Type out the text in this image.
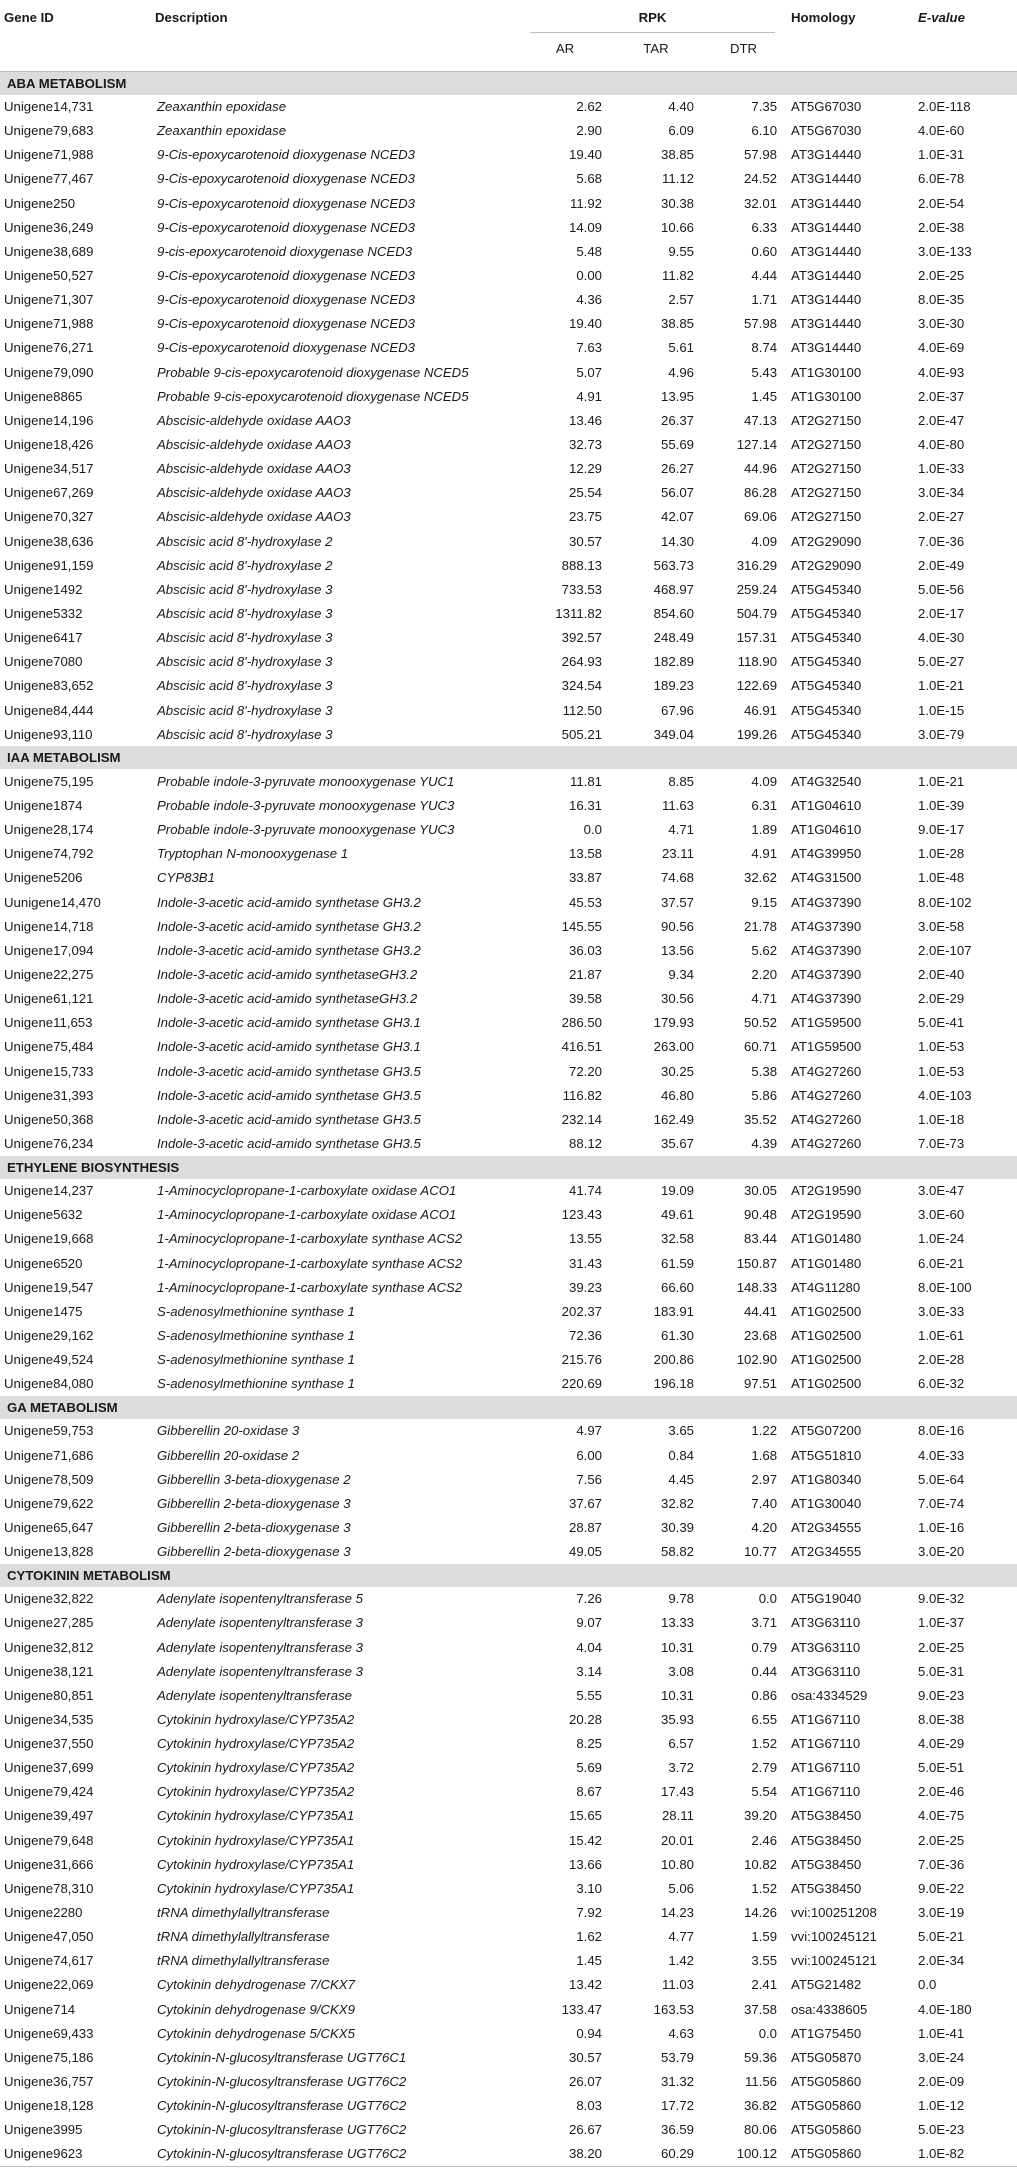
Gene ID	Description	RPK			Homology	E-value
		AR	TAR	DTR		
ABA METABOLISM						
Unigene14,731	Zeaxanthin epoxidase	2.62	4.40	7.35	AT5G67030	2.0E-118
Unigene79,683	Zeaxanthin epoxidase	2.90	6.09	6.10	AT5G67030	4.0E-60
Unigene71,988	9-Cis-epoxycarotenoid dioxygenase NCED3	19.40	38.85	57.98	AT3G14440	1.0E-31
Unigene77,467	9-Cis-epoxycarotenoid dioxygenase NCED3	5.68	11.12	24.52	AT3G14440	6.0E-78
Unigene250	9-Cis-epoxycarotenoid dioxygenase NCED3	11.92	30.38	32.01	AT3G14440	2.0E-54
Unigene36,249	9-Cis-epoxycarotenoid dioxygenase NCED3	14.09	10.66	6.33	AT3G14440	2.0E-38
Unigene38,689	9-cis-epoxycarotenoid dioxygenase NCED3	5.48	9.55	0.60	AT3G14440	3.0E-133
Unigene50,527	9-Cis-epoxycarotenoid dioxygenase NCED3	0.00	11.82	4.44	AT3G14440	2.0E-25
Unigene71,307	9-Cis-epoxycarotenoid dioxygenase NCED3	4.36	2.57	1.71	AT3G14440	8.0E-35
Unigene71,988	9-Cis-epoxycarotenoid dioxygenase NCED3	19.40	38.85	57.98	AT3G14440	3.0E-30
Unigene76,271	9-Cis-epoxycarotenoid dioxygenase NCED3	7.63	5.61	8.74	AT3G14440	4.0E-69
Unigene79,090	Probable 9-cis-epoxycarotenoid dioxygenase NCED5	5.07	4.96	5.43	AT1G30100	4.0E-93
Unigene8865	Probable 9-cis-epoxycarotenoid dioxygenase NCED5	4.91	13.95	1.45	AT1G30100	2.0E-37
Unigene14,196	Abscisic-aldehyde oxidase AAO3	13.46	26.37	47.13	AT2G27150	2.0E-47
Unigene18,426	Abscisic-aldehyde oxidase AAO3	32.73	55.69	127.14	AT2G27150	4.0E-80
Unigene34,517	Abscisic-aldehyde oxidase AAO3	12.29	26.27	44.96	AT2G27150	1.0E-33
Unigene67,269	Abscisic-aldehyde oxidase AAO3	25.54	56.07	86.28	AT2G27150	3.0E-34
Unigene70,327	Abscisic-aldehyde oxidase AAO3	23.75	42.07	69.06	AT2G27150	2.0E-27
Unigene38,636	Abscisic acid 8′-hydroxylase 2	30.57	14.30	4.09	AT2G29090	7.0E-36
Unigene91,159	Abscisic acid 8′-hydroxylase 2	888.13	563.73	316.29	AT2G29090	2.0E-49
Unigene1492	Abscisic acid 8′-hydroxylase 3	733.53	468.97	259.24	AT5G45340	5.0E-56
Unigene5332	Abscisic acid 8′-hydroxylase 3	1311.82	854.60	504.79	AT5G45340	2.0E-17
Unigene6417	Abscisic acid 8′-hydroxylase 3	392.57	248.49	157.31	AT5G45340	4.0E-30
Unigene7080	Abscisic acid 8′-hydroxylase 3	264.93	182.89	118.90	AT5G45340	5.0E-27
Unigene83,652	Abscisic acid 8′-hydroxylase 3	324.54	189.23	122.69	AT5G45340	1.0E-21
Unigene84,444	Abscisic acid 8′-hydroxylase 3	112.50	67.96	46.91	AT5G45340	1.0E-15
Unigene93,110	Abscisic acid 8′-hydroxylase 3	505.21	349.04	199.26	AT5G45340	3.0E-79
IAA METABOLISM						
Unigene75,195	Probable indole-3-pyruvate monooxygenase YUC1	11.81	8.85	4.09	AT4G32540	1.0E-21
Unigene1874	Probable indole-3-pyruvate monooxygenase YUC3	16.31	11.63	6.31	AT1G04610	1.0E-39
Unigene28,174	Probable indole-3-pyruvate monooxygenase YUC3	0.0	4.71	1.89	AT1G04610	9.0E-17
Unigene74,792	Tryptophan N-monooxygenase 1	13.58	23.11	4.91	AT4G39950	1.0E-28
Unigene5206	CYP83B1	33.87	74.68	32.62	AT4G31500	1.0E-48
Uunigene14,470	Indole-3-acetic acid-amido synthetase GH3.2	45.53	37.57	9.15	AT4G37390	8.0E-102
Unigene14,718	Indole-3-acetic acid-amido synthetase GH3.2	145.55	90.56	21.78	AT4G37390	3.0E-58
Unigene17,094	Indole-3-acetic acid-amido synthetase GH3.2	36.03	13.56	5.62	AT4G37390	2.0E-107
Unigene22,275	Indole-3-acetic acid-amido synthetaseGH3.2	21.87	9.34	2.20	AT4G37390	2.0E-40
Unigene61,121	Indole-3-acetic acid-amido synthetaseGH3.2	39.58	30.56	4.71	AT4G37390	2.0E-29
Unigene11,653	Indole-3-acetic acid-amido synthetase GH3.1	286.50	179.93	50.52	AT1G59500	5.0E-41
Unigene75,484	Indole-3-acetic acid-amido synthetase GH3.1	416.51	263.00	60.71	AT1G59500	1.0E-53
Unigene15,733	Indole-3-acetic acid-amido synthetase GH3.5	72.20	30.25	5.38	AT4G27260	1.0E-53
Unigene31,393	Indole-3-acetic acid-amido synthetase GH3.5	116.82	46.80	5.86	AT4G27260	4.0E-103
Unigene50,368	Indole-3-acetic acid-amido synthetase GH3.5	232.14	162.49	35.52	AT4G27260	1.0E-18
Unigene76,234	Indole-3-acetic acid-amido synthetase GH3.5	88.12	35.67	4.39	AT4G27260	7.0E-73
ETHYLENE BIOSYNTHESIS						
Unigene14,237	1-Aminocyclopropane-1-carboxylate oxidase ACO1	41.74	19.09	30.05	AT2G19590	3.0E-47
Unigene5632	1-Aminocyclopropane-1-carboxylate oxidase ACO1	123.43	49.61	90.48	AT2G19590	3.0E-60
Unigene19,668	1-Aminocyclopropane-1-carboxylate synthase ACS2	13.55	32.58	83.44	AT1G01480	1.0E-24
Unigene6520	1-Aminocyclopropane-1-carboxylate synthase ACS2	31.43	61.59	150.87	AT1G01480	6.0E-21
Unigene19,547	1-Aminocyclopropane-1-carboxylate synthase ACS2	39.23	66.60	148.33	AT4G11280	8.0E-100
Unigene1475	S-adenosylmethionine synthase 1	202.37	183.91	44.41	AT1G02500	3.0E-33
Unigene29,162	S-adenosylmethionine synthase 1	72.36	61.30	23.68	AT1G02500	1.0E-61
Unigene49,524	S-adenosylmethionine synthase 1	215.76	200.86	102.90	AT1G02500	2.0E-28
Unigene84,080	S-adenosylmethionine synthase 1	220.69	196.18	97.51	AT1G02500	6.0E-32
GA METABOLISM						
Unigene59,753	Gibberellin 20-oxidase 3	4.97	3.65	1.22	AT5G07200	8.0E-16
Unigene71,686	Gibberellin 20-oxidase 2	6.00	0.84	1.68	AT5G51810	4.0E-33
Unigene78,509	Gibberellin 3-beta-dioxygenase 2	7.56	4.45	2.97	AT1G80340	5.0E-64
Unigene79,622	Gibberellin 2-beta-dioxygenase 3	37.67	32.82	7.40	AT1G30040	7.0E-74
Unigene65,647	Gibberellin 2-beta-dioxygenase 3	28.87	30.39	4.20	AT2G34555	1.0E-16
Unigene13,828	Gibberellin 2-beta-dioxygenase 3	49.05	58.82	10.77	AT2G34555	3.0E-20
CYTOKININ METABOLISM						
Unigene32,822	Adenylate isopentenyltransferase 5	7.26	9.78	0.0	AT5G19040	9.0E-32
Unigene27,285	Adenylate isopentenyltransferase 3	9.07	13.33	3.71	AT3G63110	1.0E-37
Unigene32,812	Adenylate isopentenyltransferase 3	4.04	10.31	0.79	AT3G63110	2.0E-25
Unigene38,121	Adenylate isopentenyltransferase 3	3.14	3.08	0.44	AT3G63110	5.0E-31
Unigene80,851	Adenylate isopentenyltransferase	5.55	10.31	0.86	osa:4334529	9.0E-23
Unigene34,535	Cytokinin hydroxylase/CYP735A2	20.28	35.93	6.55	AT1G67110	8.0E-38
Unigene37,550	Cytokinin hydroxylase/CYP735A2	8.25	6.57	1.52	AT1G67110	4.0E-29
Unigene37,699	Cytokinin hydroxylase/CYP735A2	5.69	3.72	2.79	AT1G67110	5.0E-51
Unigene79,424	Cytokinin hydroxylase/CYP735A2	8.67	17.43	5.54	AT1G67110	2.0E-46
Unigene39,497	Cytokinin hydroxylase/CYP735A1	15.65	28.11	39.20	AT5G38450	4.0E-75
Unigene79,648	Cytokinin hydroxylase/CYP735A1	15.42	20.01	2.46	AT5G38450	2.0E-25
Unigene31,666	Cytokinin hydroxylase/CYP735A1	13.66	10.80	10.82	AT5G38450	7.0E-36
Unigene78,310	Cytokinin hydroxylase/CYP735A1	3.10	5.06	1.52	AT5G38450	9.0E-22
Unigene2280	tRNA dimethylallyltransferase	7.92	14.23	14.26	vvi:100251208	3.0E-19
Unigene47,050	tRNA dimethylallyltransferase	1.62	4.77	1.59	vvi:100245121	5.0E-21
Unigene74,617	tRNA dimethylallyltransferase	1.45	1.42	3.55	vvi:100245121	2.0E-34
Unigene22,069	Cytokinin dehydrogenase 7/CKX7	13.42	11.03	2.41	AT5G21482	0.0
Unigene714	Cytokinin dehydrogenase 9/CKX9	133.47	163.53	37.58	osa:4338605	4.0E-180
Unigene69,433	Cytokinin dehydrogenase 5/CKX5	0.94	4.63	0.0	AT1G75450	1.0E-41
Unigene75,186	Cytokinin-N-glucosyltransferase UGT76C1	30.57	53.79	59.36	AT5G05870	3.0E-24
Unigene36,757	Cytokinin-N-glucosyltransferase UGT76C2	26.07	31.32	11.56	AT5G05860	2.0E-09
Unigene18,128	Cytokinin-N-glucosyltransferase UGT76C2	8.03	17.72	36.82	AT5G05860	1.0E-12
Unigene3995	Cytokinin-N-glucosyltransferase UGT76C2	26.67	36.59	80.06	AT5G05860	5.0E-23
Unigene9623	Cytokinin-N-glucosyltransferase UGT76C2	38.20	60.29	100.12	AT5G05860	1.0E-82
